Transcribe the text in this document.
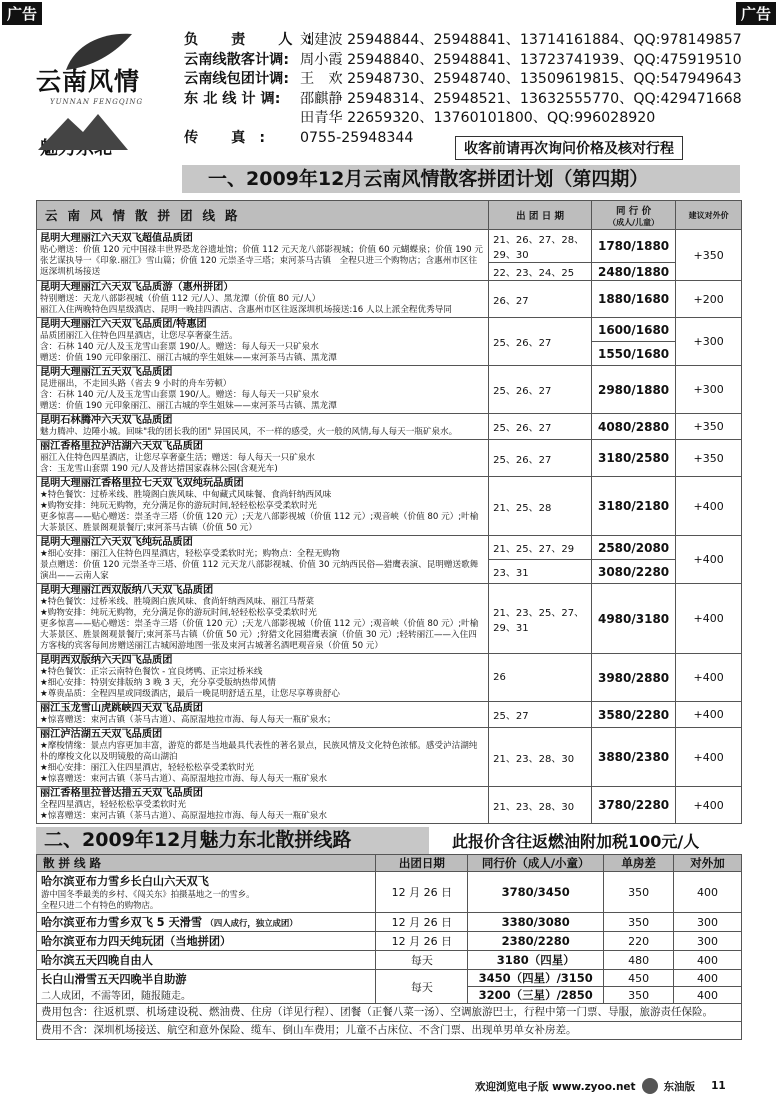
广告	广告
云南风情
YUNNAN FENGQING
负 责 人:
刘建波 25948844、25948841、13714161884、QQ:978149857
云南线散客计调: 周小霞 25948840、25948841、13723741939、QQ:475919510
云南线包团计调: 王　欢 25948730、25948740、13509619815、QQ:547949643
东 北 线 计 调:	邵麒静 25948314、25948521、13632555770、QQ:429471668
田青华 22659320、13760101800、QQ:996028920
传 真:	0755-25948344
收客前请再次询问价格及核对行程
一、2009年12月云南风情散客拼团计划（第四期）
云南风情散拼团线路	出 团 日 期	同 行 价
（成人/儿童）	建议对外价

昆明大理丽江六天双飞超值品质团
贴心赠送：价值 120 元中国禄丰世界恐龙谷遗址馆；价值 112 元天龙八部影视城；价值 60 元蝴蝶泉；价值 190 元张艺谋执导一《印象.丽江》雪山篇；价值 120 元崇圣寺三塔；束河茶马古镇　全程只进三个购物店；含惠州市区往返深圳机场接送	21、26、27、28、29、30	1780/1880	+350
	22、23、24、25	2480/1880	

昆明大理丽江六天双飞品质游（惠州拼团）
特别赠送：天龙八部影视城（价值 112 元/人）、黑龙潭（价值 80 元/人）
丽江入住两晚特色四星级酒店、昆明一晚挂四酒店、含惠州市区往返深圳机场接送:16 人以上派全程优秀导同	26、27	1880/1680	+200

昆明大理丽江六天双飞品质团/特惠团
品质团丽江入住特色四星酒店，让您尽享奢豪生活。
含：石林 140 元/人及玉龙雪山套票 190/人。赠送：每人每天一只矿泉水
赠送：价值 190 元印象丽江、丽江古城的孪生姐妹——束河茶马古镇、黑龙潭	25、26、27	1600/1680	+300
		1550/1680	

昆明大理丽江五天双飞品质团
昆进丽出，不走回头路（省去 9 小时的舟车劳顿）
含：石林 140 元/人及玉龙雪山套票 190/人。赠送：每人每天一只矿泉水
赠送：价值 190 元印象丽江、丽江古城的孪生姐妹——束河茶马古镇、黑龙潭	25、26、27	2980/1880	+300

昆明石林腾冲六天双飞品质团
魅力腾冲、边陲小城。回味"我的团长我的团" 异国民风，不一样的感受，火一般的风情,每人每天一瓶矿泉水。	25、26、27	4080/2880	+350

丽江香格里拉泸沽湖六天双飞品质团
丽江入住特色四星酒店，让您尽享奢豪生活；赠送：每人每天一只矿泉水
含：玉龙雪山套票 190 元/人及普达措国家森林公园(含观光车)	25、26、27	3180/2580	+350

昆明大理丽江香格里拉七天双飞双纯玩品质团
★特色餐饮：过桥米线、胜境阁白族风味、中甸藏式风味餐、食尚轩纳西风味
★购物安排：纯玩无购物，充分满足你的游玩时间,轻轻松松享受柔软时光
更多惊喜——贴心赠送：崇圣寺三塔（价值 120 元）;天龙八部影视城（价值 112 元）;观音峡（价值 80 元）;叶榆大茶景区、胜景阁观景餐厅;束河茶马古镇（价值 50 元）	21、25、28	3180/2180	+400

昆明大理丽江六天双飞纯玩品质团
★细心安排：丽江入住特色四星酒店，轻松享受柔软时光；购物点：全程无购物
景点赠送：价值 120 元崇圣寺三塔、价值 112 元天龙八部影视城、价值 30 元纳西民俗—猎鹰表演、昆明赠送歌舞演出——云南人家	21、25、27、29	2580/2080	+400
	23、31	3080/2280	

昆明大理丽江西双版纳八天双飞品质团
★特色餐饮：过桥米线、胜境阁白族风味、食尚轩纳西风味、丽江马帮菜
★购物安排：纯玩无购物，充分满足你的游玩时间,轻轻松松享受柔软时光
更多惊喜——贴心赠送：崇圣寺三塔（价值 120 元）;天龙八部影视城（价值 112 元）;观音峡（价值 80 元）;叶榆大茶景区、胜景阁观景餐厅;束河茶马古镇（价值 50 元）;狩猎文化园猎鹰表演（价值 30 元）;轻转丽江——入住四方客栈的宾客每间房赠送丽江古城闲游地图一张及束河古城著名酒吧观音泉（价值 50 元）	21、23、25、27、29、31	4980/3180	+400

昆明西双版纳六天四飞品质团
★特色餐饮：正宗云南特色餐饮 - 宜良烤鸭、正宗过桥米线
★细心安排：特别安排版纳 3 晚 3 天，充分享受版纳热带风情
★尊贵品质：全程四星或同级酒店，最后一晚昆明舒适五星，让您尽享尊贵舒心	26	3980/2880	+400

丽江玉龙雪山虎跳峡四天双飞品质团
★惊喜赠送：束河古镇（茶马古道）、高原湿地拉市海、每人每天一瓶矿泉水；	25、27	3580/2280	+400

丽江泸沽湖五天双飞品质团
★摩梭情缘：景点内容更加丰富，游览的都是当地最具代表性的著名景点，民族风情及文化特色浓郁。感受泸沽湖纯朴的摩梭文化以及明镜般的高山湖泊
★细心安排：丽江入住四星酒店，轻轻松松享受柔软时光
★惊喜赠送：束河古镇（茶马古道）、高原湿地拉市海、每人每天一瓶矿泉水	21、23、28、30	3880/2380	+400

丽江香格里拉普达措五天双飞品质团
全程四星酒店，轻轻松松享受柔软时光
★惊喜赠送：束河古镇（茶马古道）、高原湿地拉市海、每人每天一瓶矿泉水	21、23、28、30	3780/2280	+400
二、2009年12月魅力东北散拼线路	此报价含往返燃油附加税100元/人
散 拼 线 路	出团日期	同行价（成人/小童）	单房差	对外加

哈尔滨亚布力雪乡长白山六天双飞
游中国冬季最美的乡村、《闯关东》拍摄基地之一的雪乡。
全程只进二个有特色的购物店。	12 月 26 日	3780/3450	350	400
哈尔滨亚布力雪乡双飞 5 天滑雪 （四人成行，独立成团）	12 月 26 日	3380/3080	350	300
哈尔滨亚布力四天纯玩团（当地拼团）	12 月 26 日	2380/2280	220	300
哈尔滨五天四晚自由人	每天	3180（四星）	480	400

长白山滑雪五天四晚半自助游
二人成团，不需等团，随报随走。	每天	3450（四星）/3150	450	400
		3200（三星）/2850	350	400
费用包含：往返机票、机场建设税、燃油费、住房（详见行程）、团餐（正餐八菜一汤）、空调旅游巴士，行程中第一门票、导服，旅游责任保险。				
费用不含：深圳机场接送、航空和意外保险、缆车、倒山车费用；儿童不占床位、不含门票、出现单男单女补房差。				
欢迎浏览电子版 www.zyoo.net	东油版 11
